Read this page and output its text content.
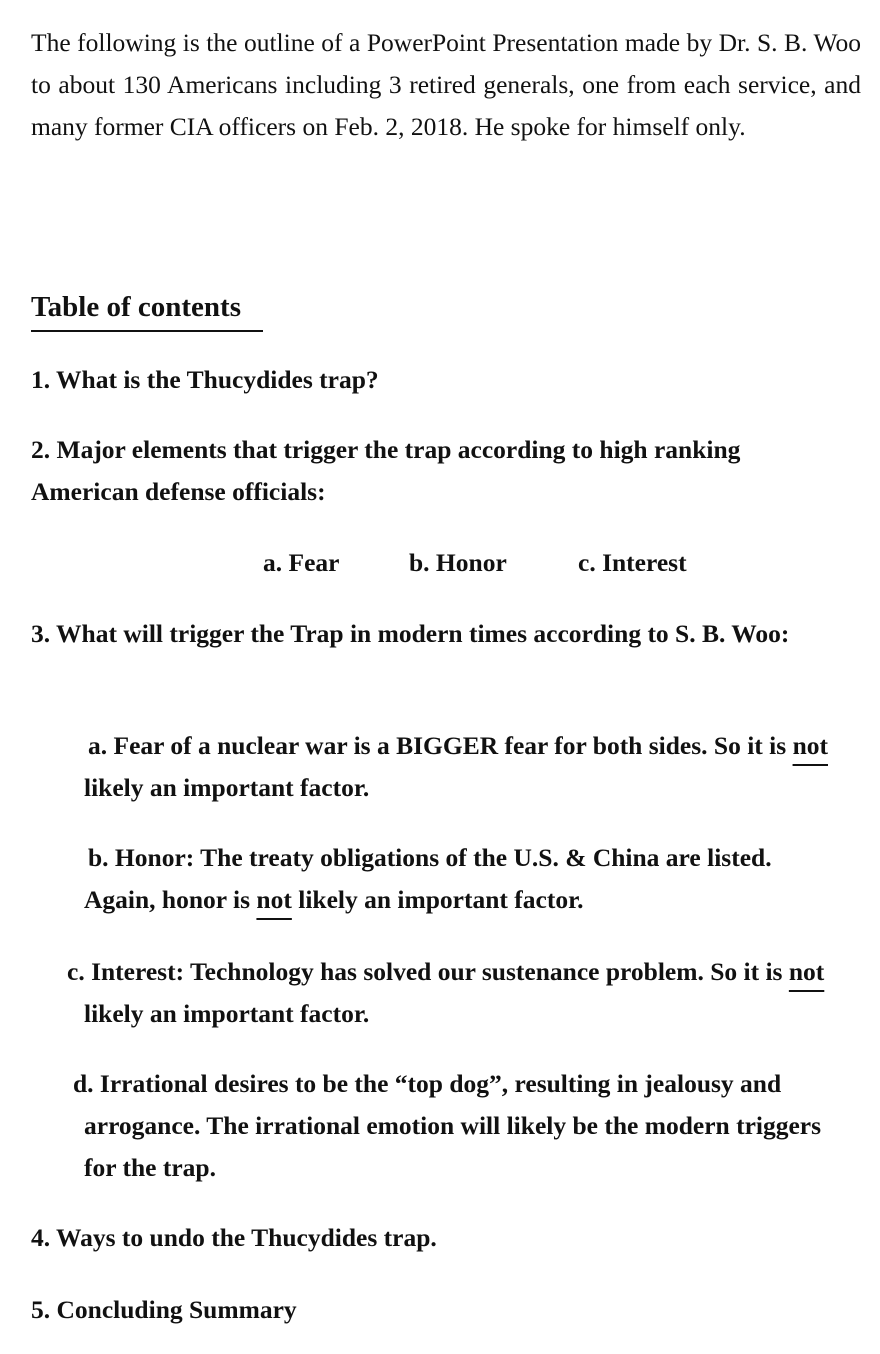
The following is the outline of a PowerPoint Presentation made by Dr. S. B. Woo to about 130 Americans including 3 retired generals, one from each service, and many former CIA officers on Feb. 2, 2018. He spoke for himself only.

Table of contents

1. What is the Thucydides trap?

2. Major elements that trigger the trap according to high ranking American defense officials:

a. Fear	b. Honor	c. Interest

3. What will trigger the Trap in modern times according to S. B. Woo:

a. Fear of a nuclear war is a BIGGER fear for both sides. So it is not likely an important factor.

b. Honor: The treaty obligations of the U.S. & China are listed. Again, honor is not likely an important factor.

c. Interest: Technology has solved our sustenance problem. So it is not likely an important factor.

d. Irrational desires to be the “top dog”, resulting in jealousy and arrogance. The irrational emotion will likely be the modern triggers for the trap.

4. Ways to undo the Thucydides trap.

5. Concluding Summary
